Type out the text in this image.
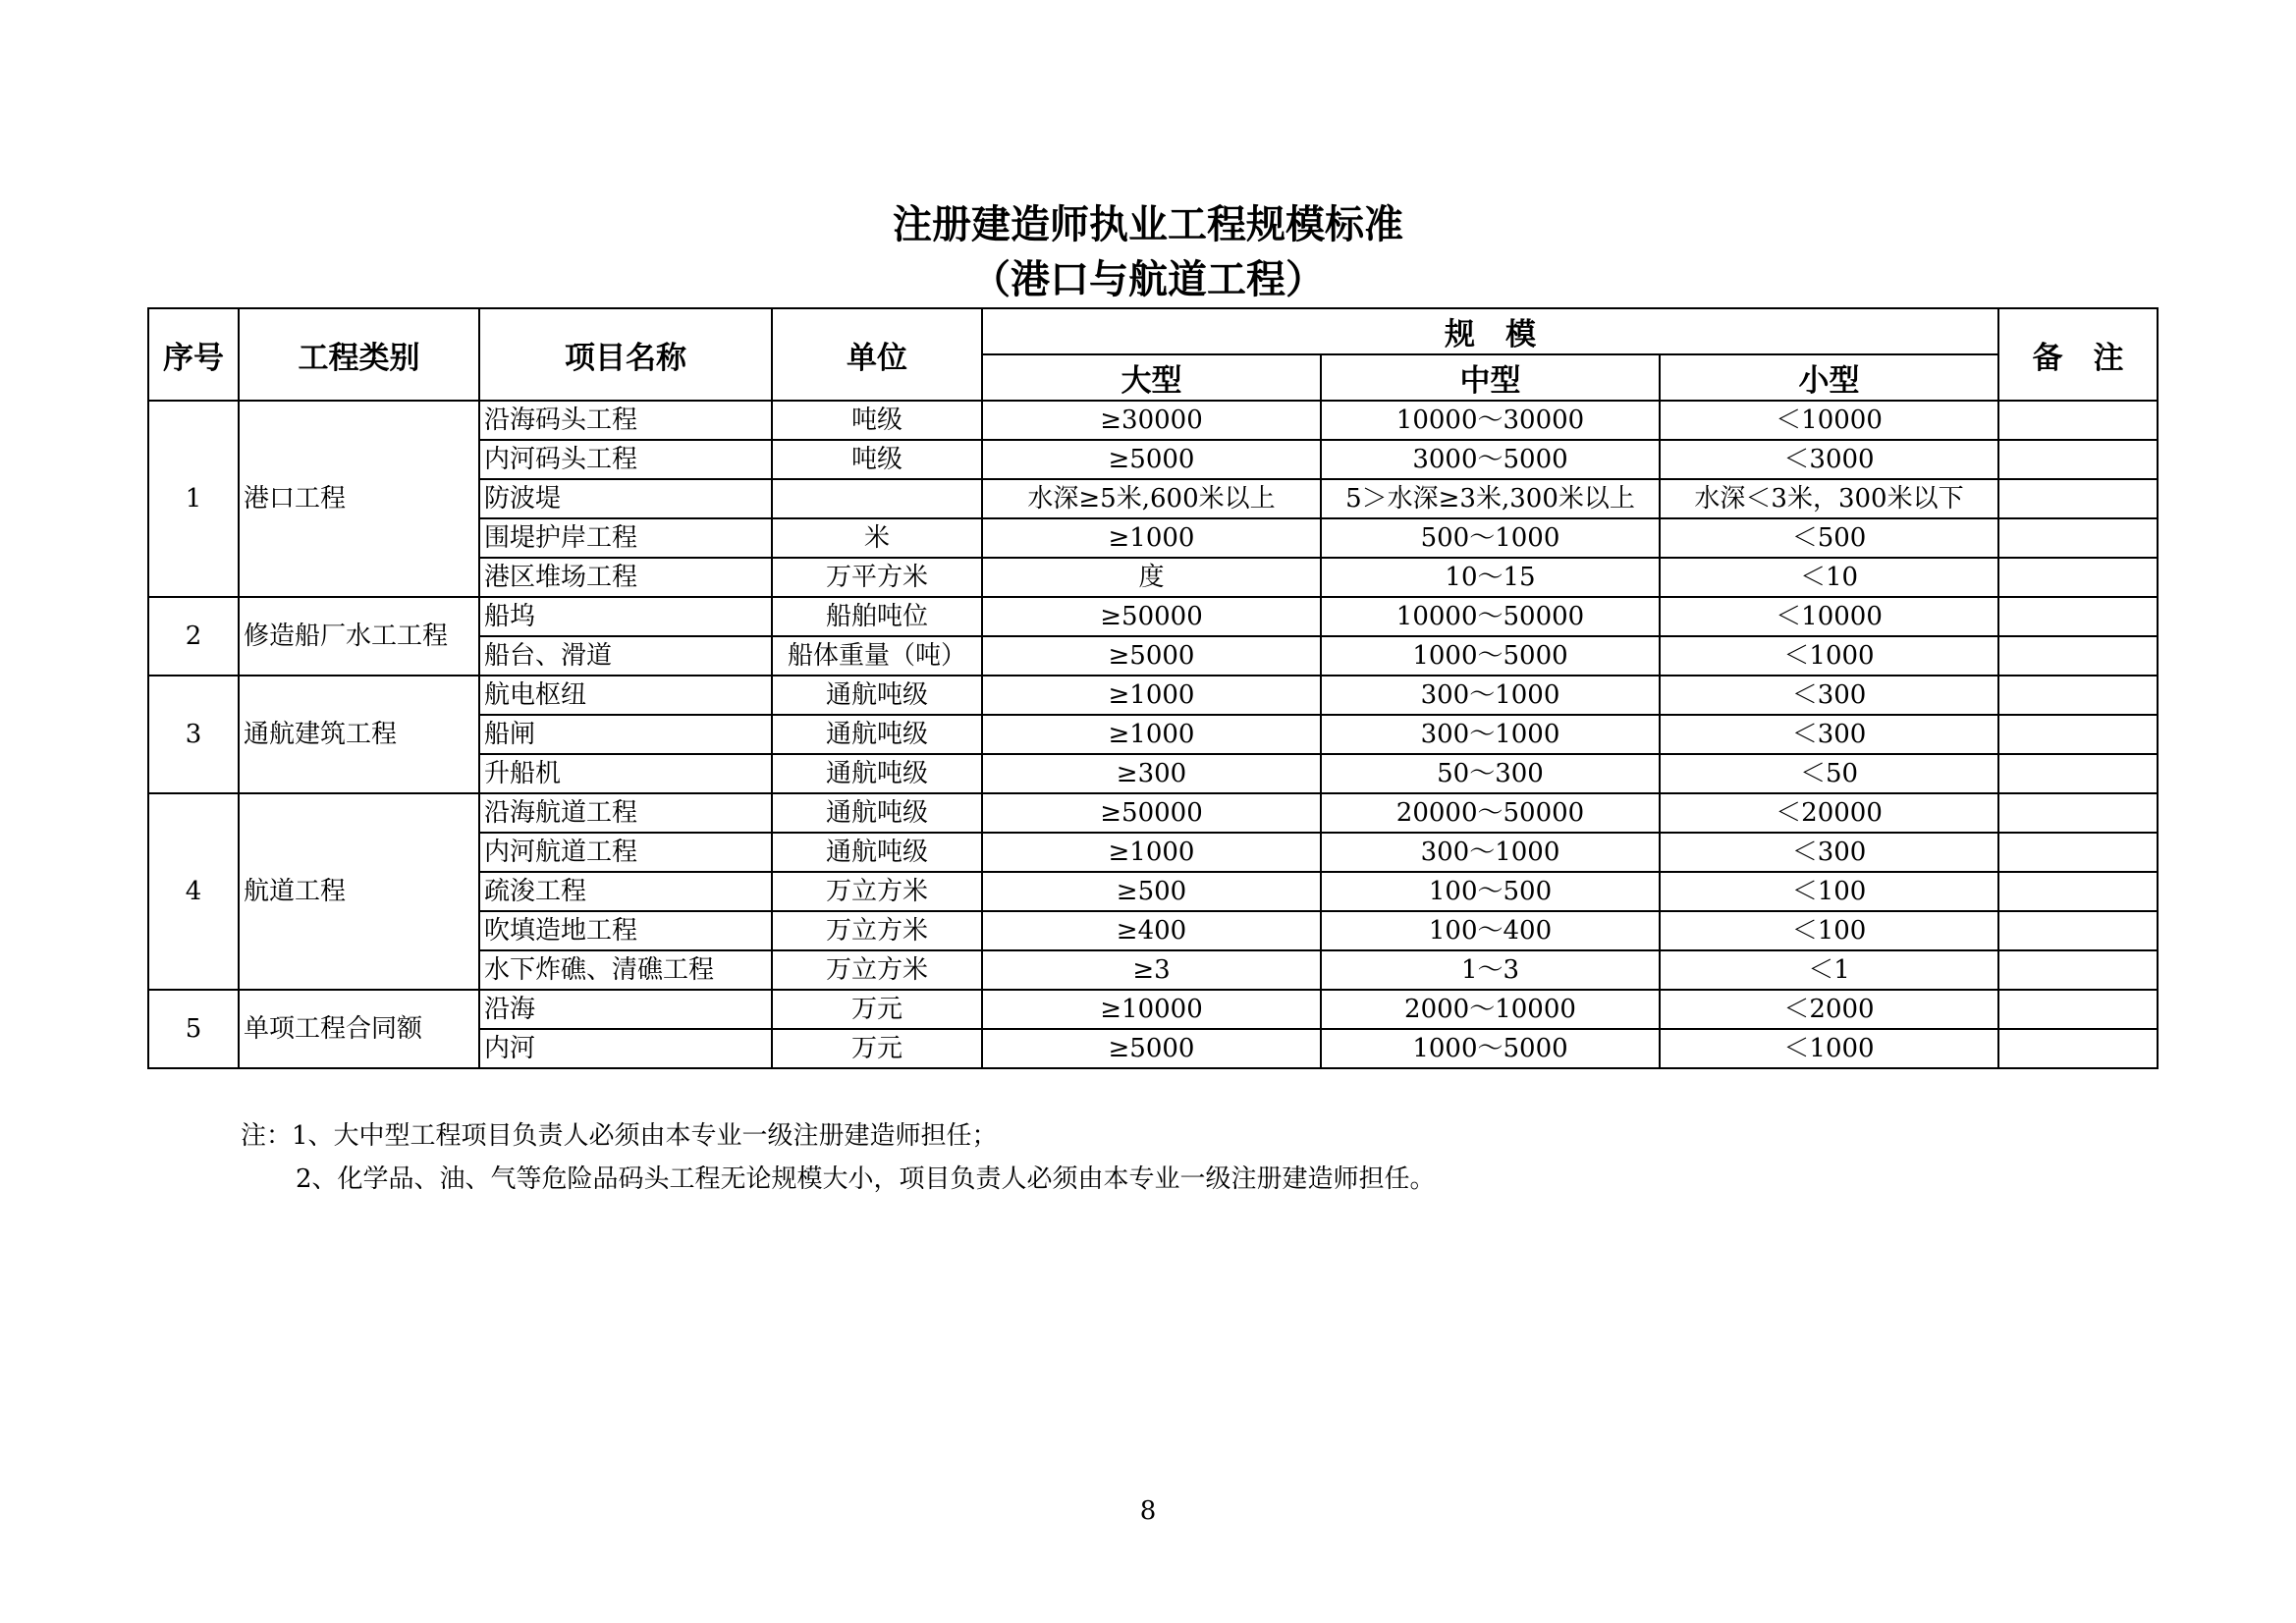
注册建造师执业工程规模标准
（港口与航道工程）
序号	工程类别	项目名称	单位	规　模			备　注
				大型	中型	小型	
1	港口工程	沿海码头工程	吨级	≥30000	10000～30000	＜10000	
		内河码头工程	吨级	≥5000	3000～5000	＜3000	
		防波堤		水深≥5米,600米以上	5＞水深≥3米,300米以上	水深＜3米，300米以下	
		围堤护岸工程	米	≥1000	500～1000	＜500	
		港区堆场工程	万平方米	度	10～15	＜10	
2	修造船厂水工工程	船坞	船舶吨位	≥50000	10000～50000	＜10000	
		船台、滑道	船体重量（吨）	≥5000	1000～5000	＜1000	
3	通航建筑工程	航电枢纽	通航吨级	≥1000	300～1000	＜300	
		船闸	通航吨级	≥1000	300～1000	＜300	
		升船机	通航吨级	≥300	50～300	＜50	
4	航道工程	沿海航道工程	通航吨级	≥50000	20000～50000	＜20000	
		内河航道工程	通航吨级	≥1000	300～1000	＜300	
		疏浚工程	万立方米	≥500	100～500	＜100	
		吹填造地工程	万立方米	≥400	100～400	＜100	
		水下炸礁、清礁工程	万立方米	≥3	1～3	＜1	
5	单项工程合同额	沿海	万元	≥10000	2000～10000	＜2000	
		内河	万元	≥5000	1000～5000	＜1000	
注：1、大中型工程项目负责人必须由本专业一级注册建造师担任；
2、化学品、油、气等危险品码头工程无论规模大小，项目负责人必须由本专业一级注册建造师担任。
8
